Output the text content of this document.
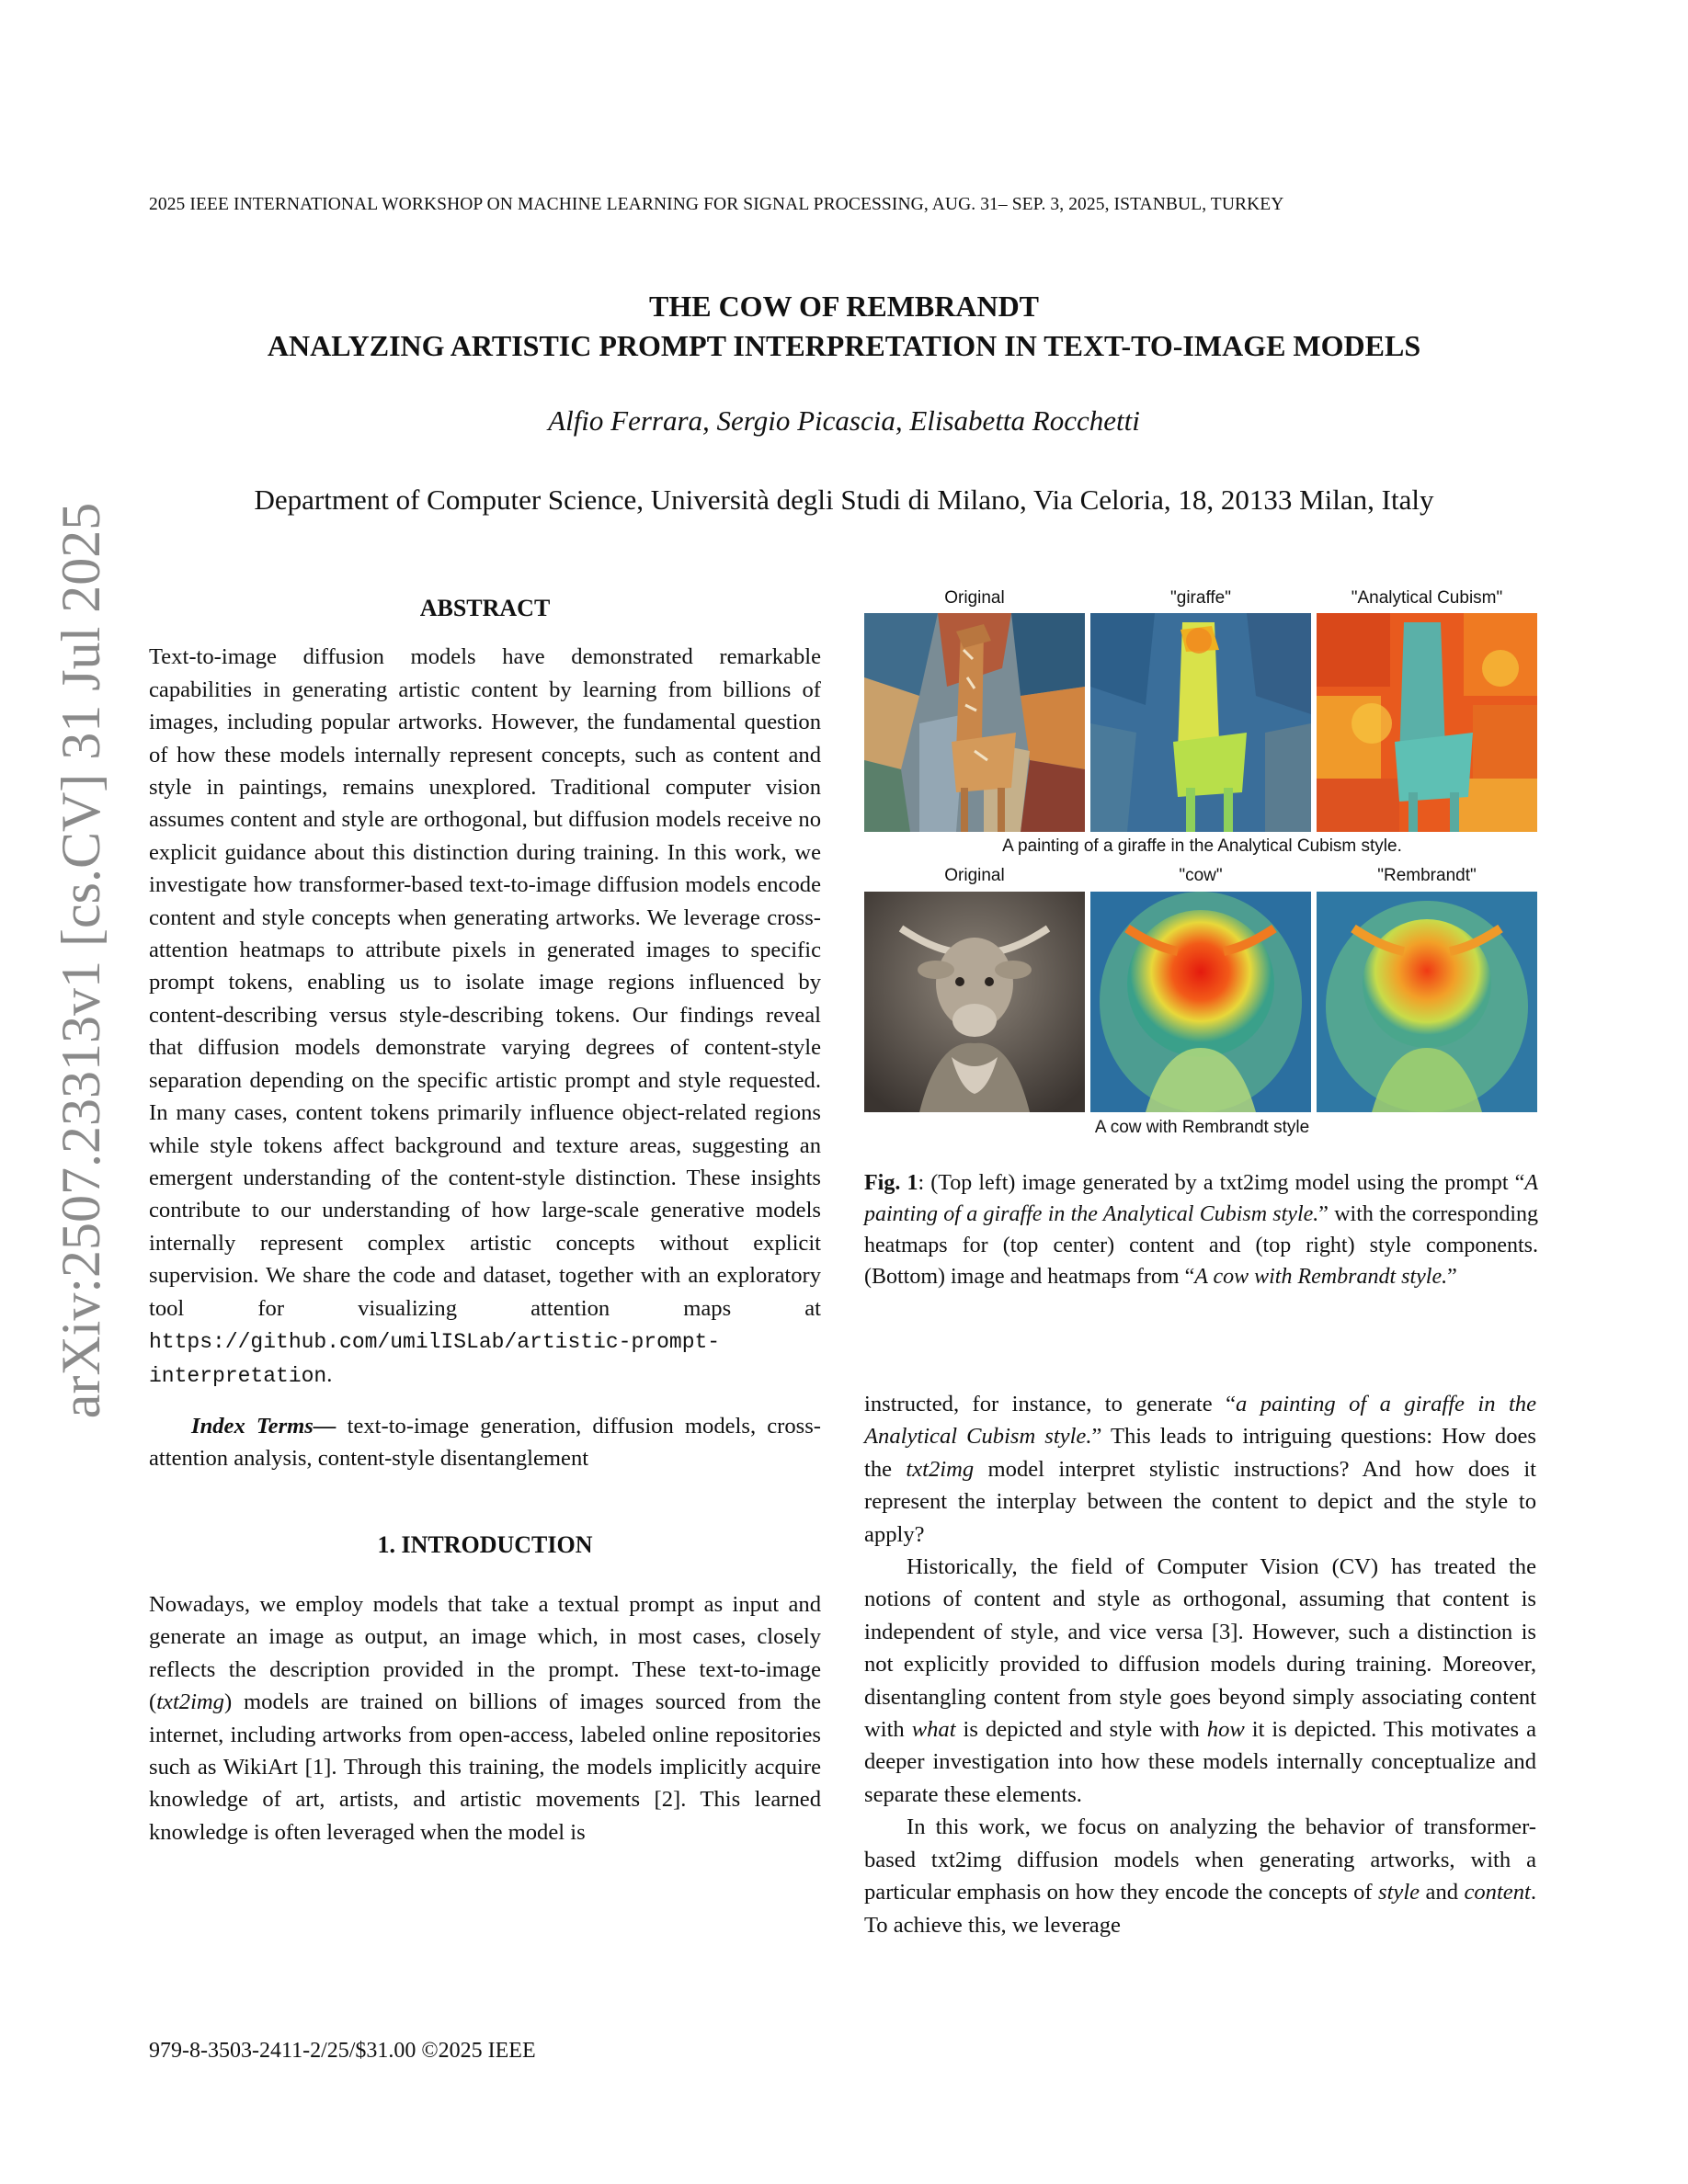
2025 IEEE INTERNATIONAL WORKSHOP ON MACHINE LEARNING FOR SIGNAL PROCESSING, AUG. 31– SEP. 3, 2025, ISTANBUL, TURKEY
THE COW OF REMBRANDT
ANALYZING ARTISTIC PROMPT INTERPRETATION IN TEXT-TO-IMAGE MODELS
Alfio Ferrara, Sergio Picascia, Elisabetta Rocchetti
Department of Computer Science, Università degli Studi di Milano, Via Celoria, 18, 20133 Milan, Italy
arXiv:2507.23313v1 [cs.CV] 31 Jul 2025	ABSTRACT

Text-to-image diffusion models have demonstrated remarkable capabilities in generating artistic content by learning from billions of images, including popular artworks. However, the fundamental question of how these models internally represent concepts, such as content and style in paintings, remains unexplored. Traditional computer vision assumes content and style are orthogonal, but diffusion models receive no explicit guidance about this distinction during training. In this work, we investigate how transformer-based text-to-image diffusion models encode content and style concepts when generating artworks. We leverage cross-attention heatmaps to attribute pixels in generated images to specific prompt tokens, enabling us to isolate image regions influenced by content-describing versus style-describing tokens. Our findings reveal that diffusion models demonstrate varying degrees of content-style separation depending on the specific artistic prompt and style requested. In many cases, content tokens primarily influence object-related regions while style tokens affect background and texture areas, suggesting an emergent understanding of the content-style distinction. These insights contribute to our understanding of how large-scale generative models internally represent complex artistic concepts without explicit supervision. We share the code and dataset, together with an exploratory tool for visualizing attention maps at https://github.com/umilISLab/artistic-prompt-interpretation.

Index Terms— text-to-image generation, diffusion models, cross-attention analysis, content-style disentanglement

1. INTRODUCTION

Nowadays, we employ models that take a textual prompt as input and generate an image as output, an image which, in most cases, closely reflects the description provided in the prompt. These text-to-image (txt2img) models are trained on billions of images sourced from the internet, including artworks from open-access, labeled online repositories such as WikiArt [1]. Through this training, the models implicitly acquire knowledge of art, artists, and artistic movements [2]. This learned knowledge is often leveraged when the model is

Original	"giraffe"	"Analytical Cubism"
A painting of a giraffe in the Analytical Cubism style.
Original	"cow"	"Rembrandt"
A cow with Rembrandt style

Fig. 1: (Top left) image generated by a txt2img model using the prompt “A painting of a giraffe in the Analytical Cubism style.” with the corresponding heatmaps for (top center) content and (top right) style components. (Bottom) image and heatmaps from “A cow with Rembrandt style.”

instructed, for instance, to generate “a painting of a giraffe in the Analytical Cubism style.” This leads to intriguing questions: How does the txt2img model interpret stylistic instructions? And how does it represent the interplay between the content to depict and the style to apply?

Historically, the field of Computer Vision (CV) has treated the notions of content and style as orthogonal, assuming that content is independent of style, and vice versa [3]. However, such a distinction is not explicitly provided to diffusion models during training. Moreover, disentangling content from style goes beyond simply associating content with what is depicted and style with how it is depicted. This motivates a deeper investigation into how these models internally conceptualize and separate these elements.

In this work, we focus on analyzing the behavior of transformer-based txt2img diffusion models when generating artworks, with a particular emphasis on how they encode the concepts of style and content. To achieve this, we leverage

979-8-3503-2411-2/25/$31.00 ©2025 IEEE
